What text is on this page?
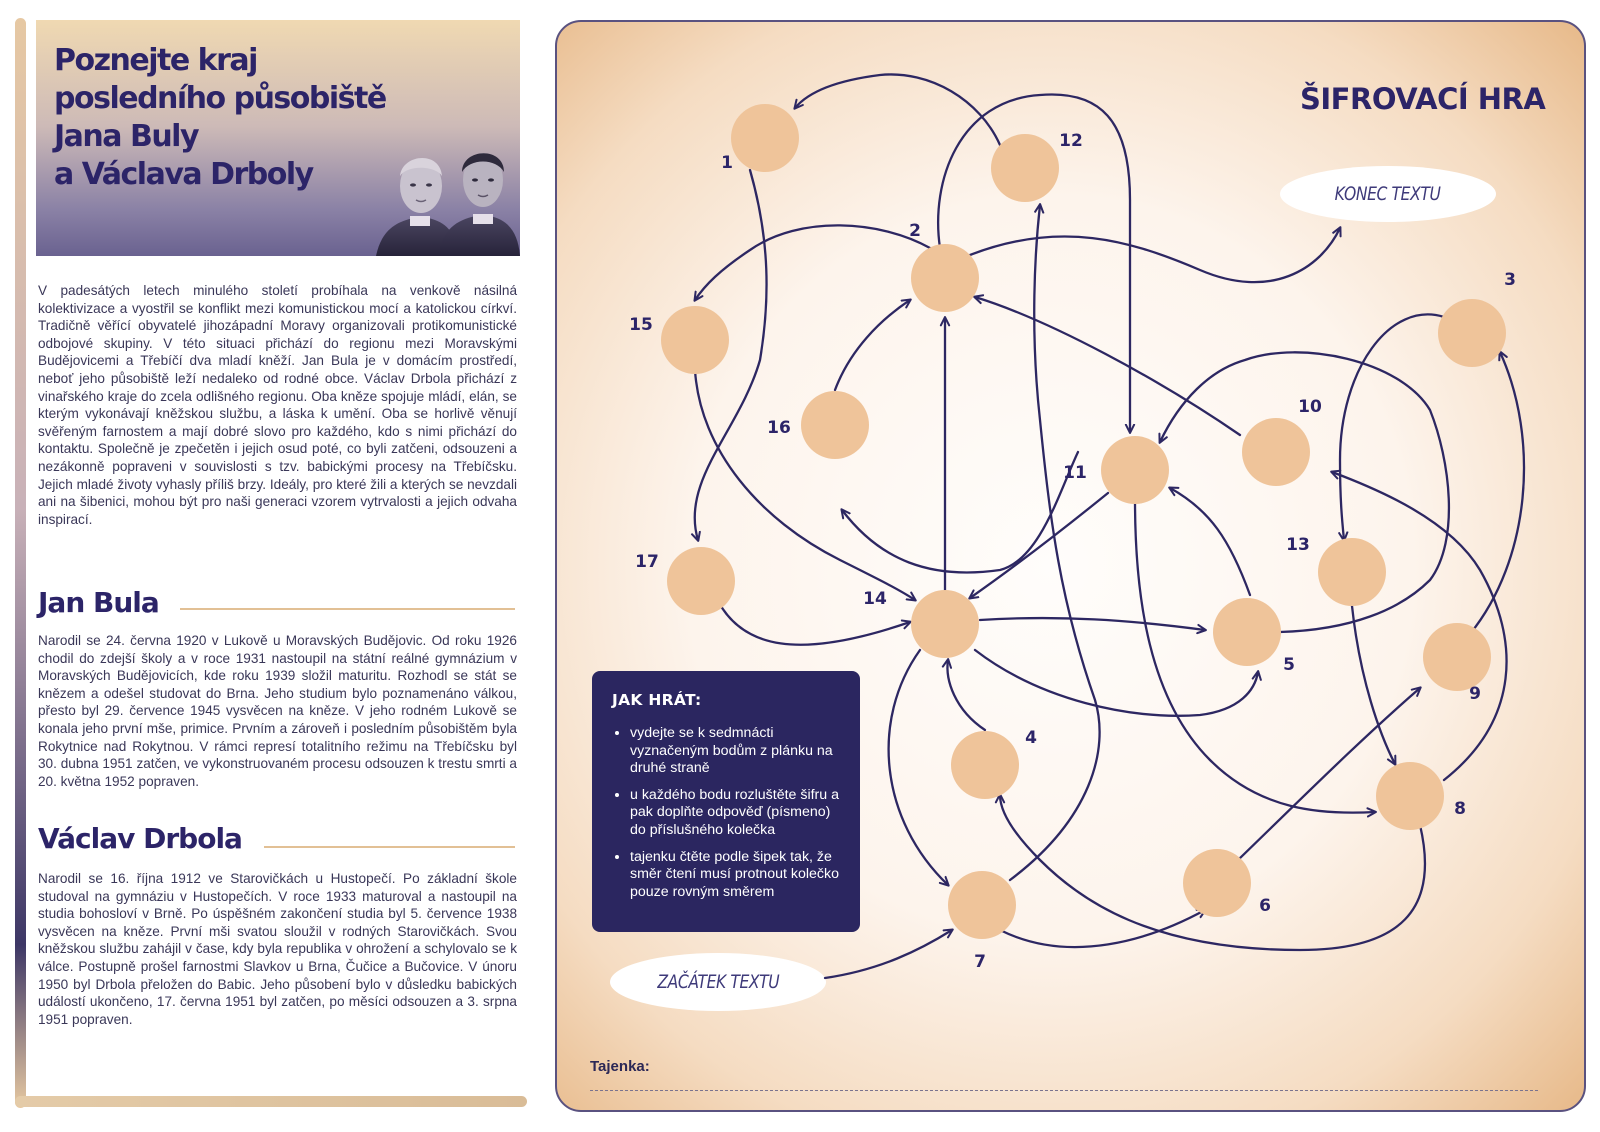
Poznejte kraj
posledního působiště
Jana Buly
a Václava Drboly

V padesátých letech minulého století probíhala na venkově násilná kolektivizace a vyostřil se konflikt mezi komunistickou mocí a katolickou církví. Tradičně věřící obyvatelé jihozápadní Moravy organizovali protikomunistické odbojové skupiny. V této situaci přichází do regionu mezi Moravskými Budějovicemi a Třebíčí dva mladí kněží. Jan Bula je v domácím prostředí, neboť jeho působiště leží nedaleko od rodné obce. Václav Drbola přichází z vinařského kraje do zcela odlišného regionu. Oba kněze spojuje mládí, elán, se kterým vykonávají kněžskou službu, a láska k umění. Oba se horlivě věnují svěřeným farnostem a mají dobré slovo pro každého, kdo s nimi přichází do kontaktu. Společně je zpečetěn i jejich osud poté, co byli zatčeni, odsouzeni a nezákonně popraveni v souvislosti s tzv. babickými procesy na Třebíčsku. Jejich mladé životy vyhasly příliš brzy. Ideály, pro které žili a kterých se nevzdali ani na šibenici, mohou být pro naši generaci vzorem vytrvalosti a jejich odvaha inspirací.

Jan Bula

Narodil se 24. června 1920 v Lukově u Moravských Budějovic. Od roku 1926 chodil do zdejší školy a v roce 1931 nastoupil na státní reálné gymnázium v Moravských Budějovicích, kde roku 1939 složil maturitu. Rozhodl se stát se knězem a odešel studovat do Brna. Jeho studium bylo poznamenáno válkou, přesto byl 29. července 1945 vysvěcen na kněze. V jeho rodném Lukově se konala jeho první mše, primice. Prvním a zároveň i posledním působištěm byla Rokytnice nad Rokytnou. V rámci represí totalitního režimu na Třebíčsku byl 30. dubna 1951 zatčen, ve vykonstruovaném procesu odsouzen k trestu smrti a 20. května 1952 popraven.

Václav Drbola

Narodil se 16. října 1912 ve Starovičkách u Hustopečí. Po základní škole studoval na gymnáziu v Hustopečích. V roce 1933 maturoval a nastoupil na studia bohosloví v Brně. Po úspěšném zakončení studia byl 5. července 1938 vysvěcen na kněze. První mši svatou sloužil v rodných Starovičkách. Svou kněžskou službu zahájil v čase, kdy byla republika v ohrožení a schylovalo se k válce. Postupně prošel farnostmi Slavkov u Brna, Čučice a Bučovice. V únoru 1950 byl Drbola přeložen do Babic. Jeho působení bylo v důsledku babických událostí ukončeno, 17. června 1951 byl zatčen, po měsíci odsouzen a 3. srpna 1951 popraven.

KONEC TEXTU
ZAČÁTEK TEXTU
1
2
3
4
5
6
7
8
9
10
11
12
13
14
15
16
17
ŠIFROVACÍ HRA
JAK HRÁT:
• vydejte se k sedmnácti vyznačeným bodům z plánku na druhé straně
• u každého bodu rozluštěte šifru a pak doplňte odpověď (písmeno) do příslušného kolečka
• tajenku čtěte podle šipek tak, že směr čtení musí protnout kolečko pouze rovným směrem
Tajenka:
